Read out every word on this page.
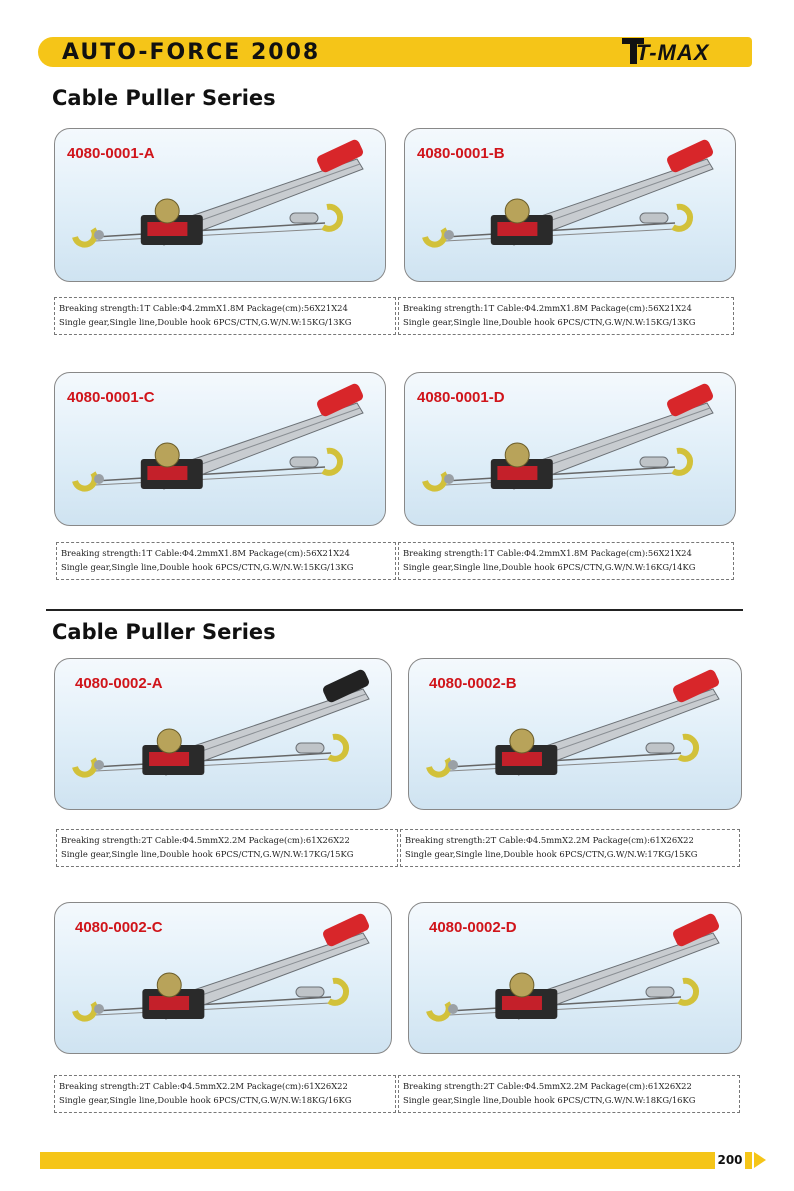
AUTO-FORCE 2008	T-MAX
Cable Puller Series
4080-0001-A	4080-0001-B
Breaking strength:1T Cable:Φ4.2mmX1.8M Package(cm):56X21X24
Single gear,Single line,Double hook 6PCS/CTN,G.W/N.W:15KG/13KG
Breaking strength:1T Cable:Φ4.2mmX1.8M Package(cm):56X21X24
Single gear,Single line,Double hook 6PCS/CTN,G.W/N.W:15KG/13KG
4080-0001-C	4080-0001-D
Breaking strength:1T Cable:Φ4.2mmX1.8M Package(cm):56X21X24
Single gear,Single line,Double hook 6PCS/CTN,G.W/N.W:15KG/13KG
Breaking strength:1T Cable:Φ4.2mmX1.8M Package(cm):56X21X24
Single gear,Single line,Double hook 6PCS/CTN,G.W/N.W:16KG/14KG
Cable Puller Series
4080-0002-A	4080-0002-B
Breaking strength:2T Cable:Φ4.5mmX2.2M Package(cm):61X26X22
Single gear,Single line,Double hook 6PCS/CTN,G.W/N.W:17KG/15KG
Breaking strength:2T Cable:Φ4.5mmX2.2M Package(cm):61X26X22
Single gear,Single line,Double hook 6PCS/CTN,G.W/N.W:17KG/15KG
4080-0002-C	4080-0002-D
Breaking strength:2T Cable:Φ4.5mmX2.2M Package(cm):61X26X22
Single gear,Single line,Double hook 6PCS/CTN,G.W/N.W:18KG/16KG
Breaking strength:2T Cable:Φ4.5mmX2.2M Package(cm):61X26X22
Single gear,Single line,Double hook 6PCS/CTN,G.W/N.W:18KG/16KG
200
